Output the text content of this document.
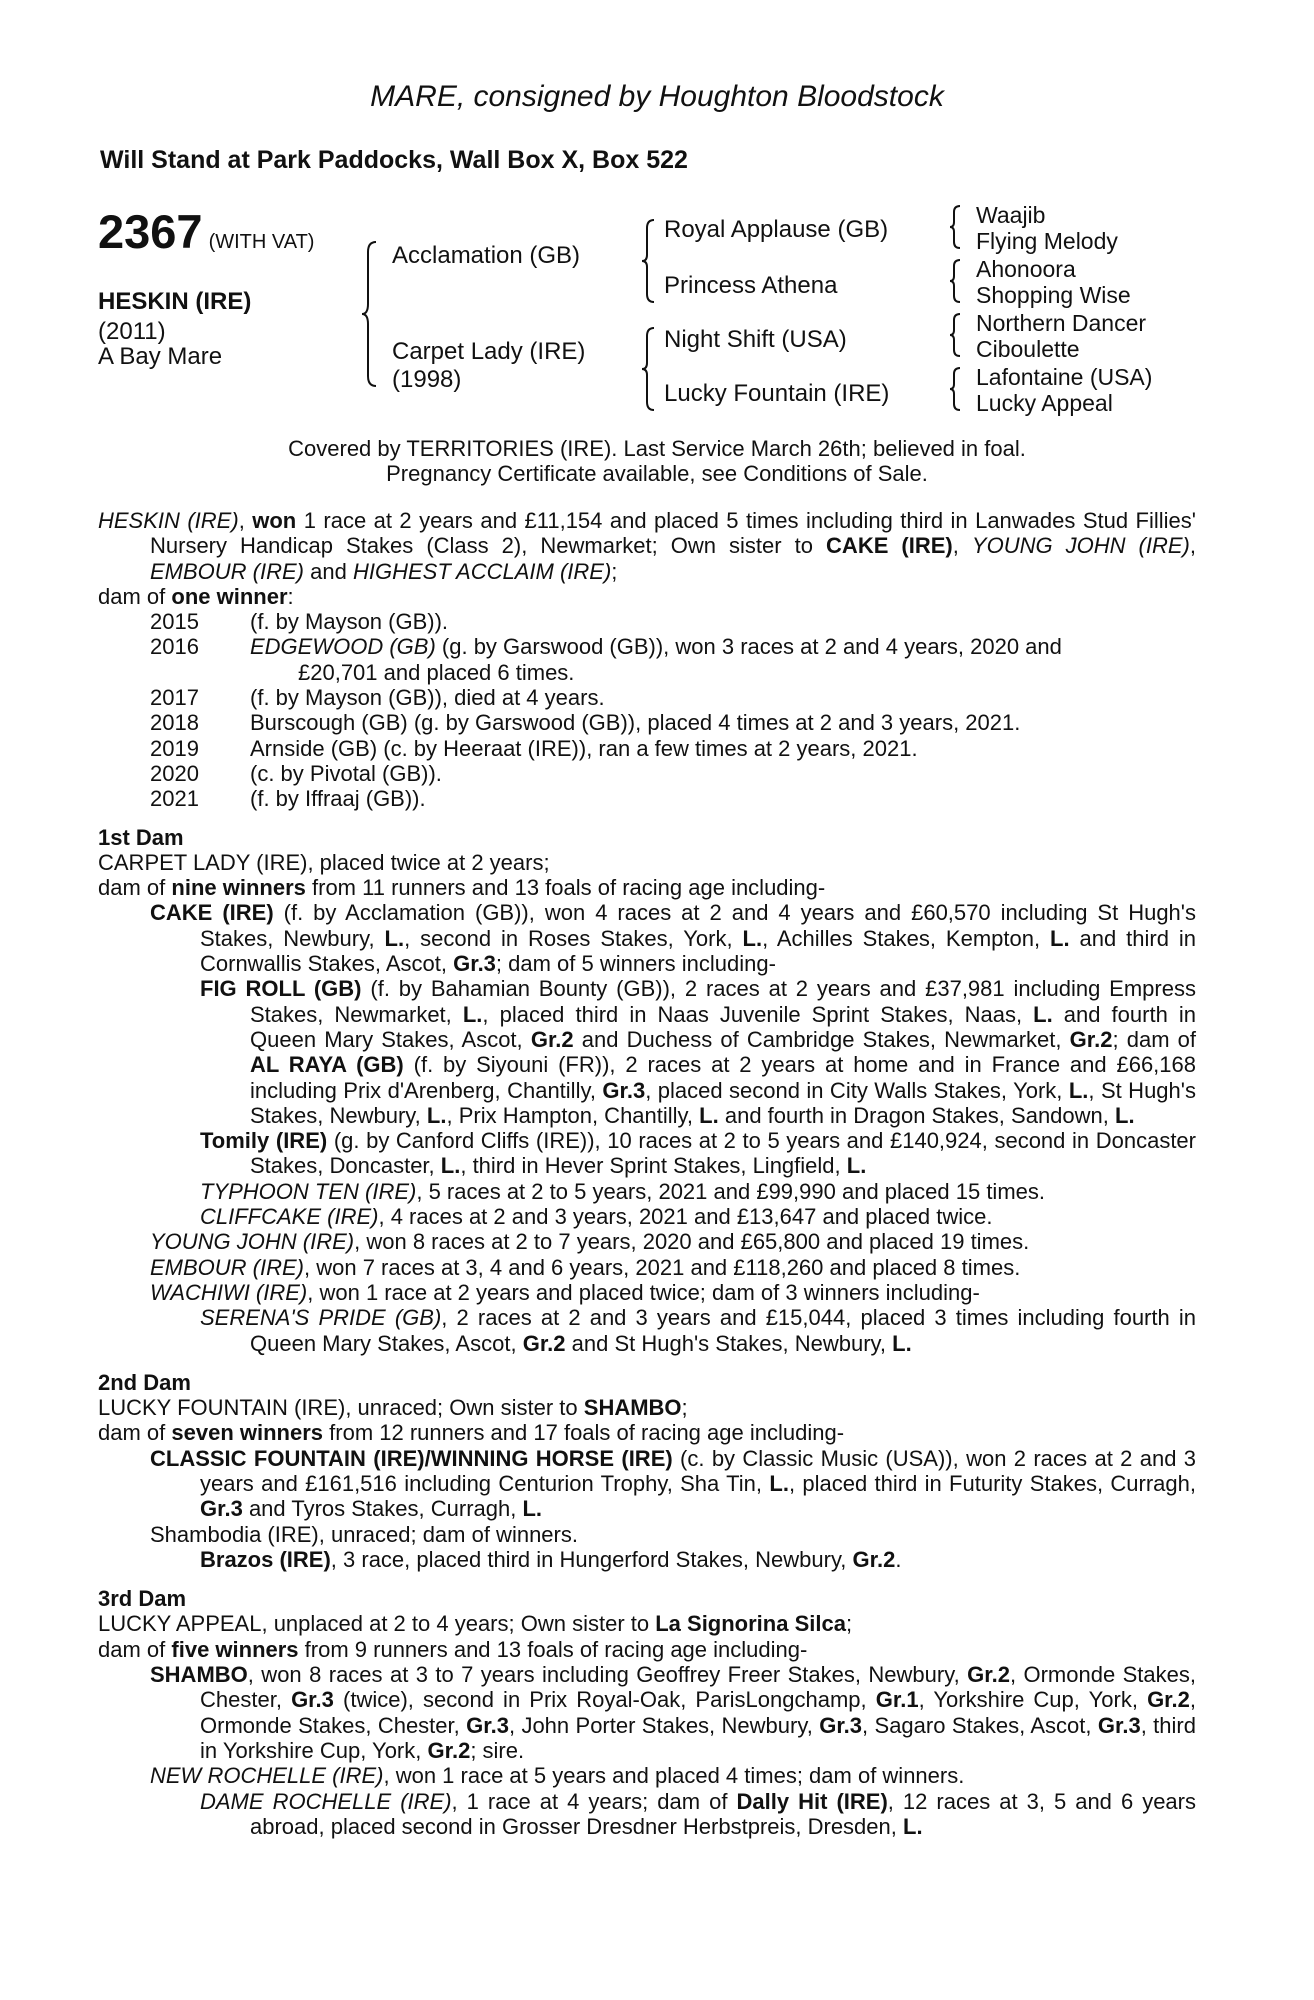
MARE, consigned by Houghton Bloodstock
Will Stand at Park Paddocks, Wall Box X, Box 522
2367 (WITH VAT)
HESKIN (IRE)
(2011)
A Bay Mare
Acclamation (GB)
Carpet Lady (IRE)
(1998)
Royal Applause (GB)
Princess Athena
Night Shift (USA)
Lucky Fountain (IRE)
Waajib
Flying Melody
Ahonoora
Shopping Wise
Northern Dancer
Ciboulette
Lafontaine (USA)
Lucky Appeal
Covered by TERRITORIES (IRE). Last Service March 26th; believed in foal.
Pregnancy Certificate available, see Conditions of Sale.

HESKIN (IRE), won 1 race at 2 years and £11,154 and placed 5 times including third in Lanwades Stud Fillies' Nursery Handicap Stakes (Class 2), Newmarket; Own sister to CAKE (IRE), YOUNG JOHN (IRE), EMBOUR (IRE) and HIGHEST ACCLAIM (IRE);

dam of one winner:

2015	(f. by Mayson (GB)).
2016	EDGEWOOD (GB) (g. by Garswood (GB)), won 3 races at 2 and 4 years, 2020 and
£20,701 and placed 6 times.
2017	(f. by Mayson (GB)), died at 4 years.
2018	Burscough (GB) (g. by Garswood (GB)), placed 4 times at 2 and 3 years, 2021.
2019	Arnside (GB) (c. by Heeraat (IRE)), ran a few times at 2 years, 2021.
2020	(c. by Pivotal (GB)).
2021	(f. by Iffraaj (GB)).

1st Dam

CARPET LADY (IRE), placed twice at 2 years;

dam of nine winners from 11 runners and 13 foals of racing age including-

CAKE (IRE) (f. by Acclamation (GB)), won 4 races at 2 and 4 years and £60,570 including St Hugh's Stakes, Newbury, L., second in Roses Stakes, York, L., Achilles Stakes, Kempton, L. and third in Cornwallis Stakes, Ascot, Gr.3; dam of 5 winners including-

FIG ROLL (GB) (f. by Bahamian Bounty (GB)), 2 races at 2 years and £37,981 including Empress Stakes, Newmarket, L., placed third in Naas Juvenile Sprint Stakes, Naas, L. and fourth in Queen Mary Stakes, Ascot, Gr.2 and Duchess of Cambridge Stakes, Newmarket, Gr.2; dam of AL RAYA (GB) (f. by Siyouni (FR)), 2 races at 2 years at home and in France and £66,168 including Prix d'Arenberg, Chantilly, Gr.3, placed second in City Walls Stakes, York, L., St Hugh's Stakes, Newbury, L., Prix Hampton, Chantilly, L. and fourth in Dragon Stakes, Sandown, L.

Tomily (IRE) (g. by Canford Cliffs (IRE)), 10 races at 2 to 5 years and £140,924, second in Doncaster Stakes, Doncaster, L., third in Hever Sprint Stakes, Lingfield, L.

TYPHOON TEN (IRE), 5 races at 2 to 5 years, 2021 and £99,990 and placed 15 times.

CLIFFCAKE (IRE), 4 races at 2 and 3 years, 2021 and £13,647 and placed twice.

YOUNG JOHN (IRE), won 8 races at 2 to 7 years, 2020 and £65,800 and placed 19 times.

EMBOUR (IRE), won 7 races at 3, 4 and 6 years, 2021 and £118,260 and placed 8 times.

WACHIWI (IRE), won 1 race at 2 years and placed twice; dam of 3 winners including-

SERENA'S PRIDE (GB), 2 races at 2 and 3 years and £15,044, placed 3 times including fourth in Queen Mary Stakes, Ascot, Gr.2 and St Hugh's Stakes, Newbury, L.

2nd Dam

LUCKY FOUNTAIN (IRE), unraced; Own sister to SHAMBO;

dam of seven winners from 12 runners and 17 foals of racing age including-

CLASSIC FOUNTAIN (IRE)/WINNING HORSE (IRE) (c. by Classic Music (USA)), won 2 races at 2 and 3 years and £161,516 including Centurion Trophy, Sha Tin, L., placed third in Futurity Stakes, Curragh, Gr.3 and Tyros Stakes, Curragh, L.

Shambodia (IRE), unraced; dam of winners.

Brazos (IRE), 3 race, placed third in Hungerford Stakes, Newbury, Gr.2.

3rd Dam

LUCKY APPEAL, unplaced at 2 to 4 years; Own sister to La Signorina Silca;

dam of five winners from 9 runners and 13 foals of racing age including-

SHAMBO, won 8 races at 3 to 7 years including Geoffrey Freer Stakes, Newbury, Gr.2, Ormonde Stakes, Chester, Gr.3 (twice), second in Prix Royal-Oak, ParisLongchamp, Gr.1, Yorkshire Cup, York, Gr.2, Ormonde Stakes, Chester, Gr.3, John Porter Stakes, Newbury, Gr.3, Sagaro Stakes, Ascot, Gr.3, third in Yorkshire Cup, York, Gr.2; sire.

NEW ROCHELLE (IRE), won 1 race at 5 years and placed 4 times; dam of winners.

DAME ROCHELLE (IRE), 1 race at 4 years; dam of Dally Hit (IRE), 12 races at 3, 5 and 6 years abroad, placed second in Grosser Dresdner Herbstpreis, Dresden, L.
